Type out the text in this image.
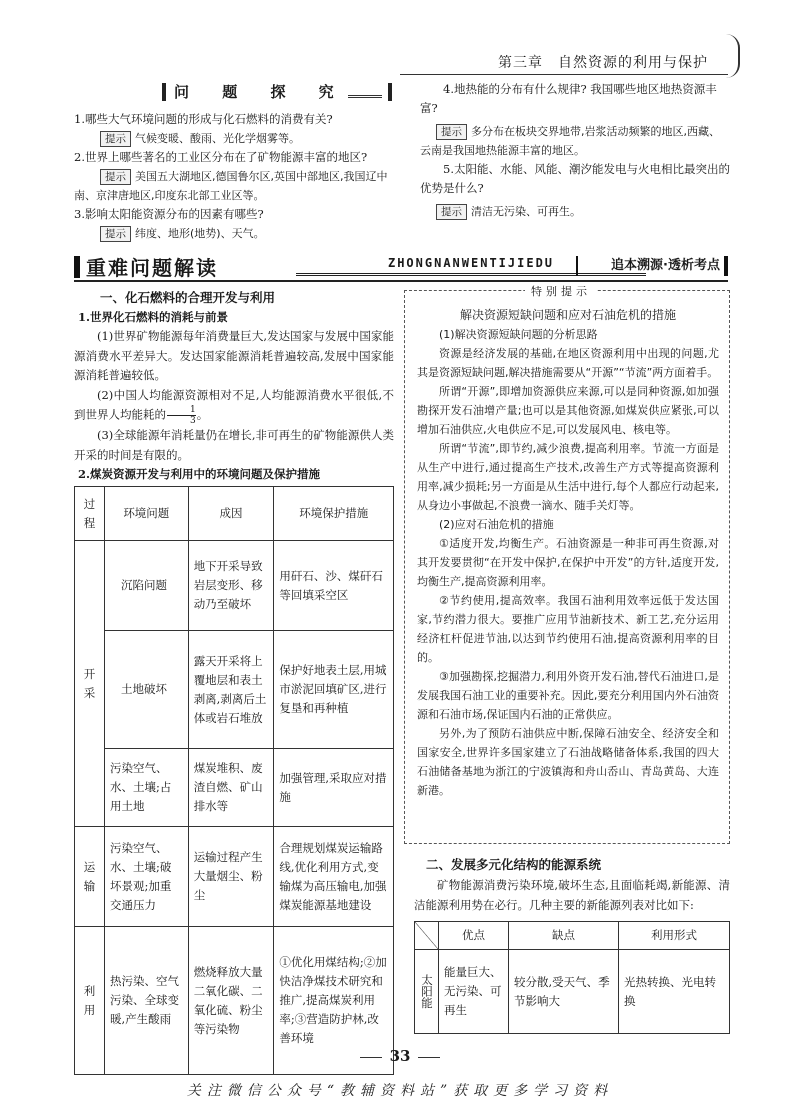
第三章　自然资源的利用与保护
问 题 探 究
1.哪些大气环境问题的形成与化石燃料的消费有关?
提示 气候变暖、酸雨、光化学烟雾等。
2.世界上哪些著名的工业区分布在了矿物能源丰富的地区?
提示 美国五大湖地区,德国鲁尔区,英国中部地区,我国辽中南、京津唐地区,印度东北部工业区等。
3.影响太阳能资源分布的因素有哪些?
提示 纬度、地形(地势)、天气。
4.地热能的分布有什么规律? 我国哪些地区地热资源丰富?
提示 多分布在板块交界地带,岩浆活动频繁的地区,西藏、云南是我国地热能源丰富的地区。
5.太阳能、水能、风能、潮汐能发电与火电相比最突出的优势是什么?
提示 清洁无污染、可再生。
重难问题解读	ZHONGNANWENTIJIEDU	追本溯源·透析考点
一、化石燃料的合理开发与利用
1.世界化石燃料的消耗与前景
(1)世界矿物能源每年消费量巨大,发达国家与发展中国家能源消费水平差异大。发达国家能源消耗普遍较高,发展中国家能源消耗普遍较低。
(2)中国人均能源资源相对不足,人均能源消费水平很低,不到世界人均能耗的 $\frac{1}{3}$ 。
(3)全球能源年消耗量仍在增长,非可再生的矿物能源供人类开采的时间是有限的。
2.煤炭资源开发与利用中的环境问题及保护措施
过程	环境问题	成因	环境保护措施
开采	沉陷问题	地下开采导致岩层变形、移动乃至破坏	用矸石、沙、煤矸石等回填采空区
	土地破坏	露天开采将上覆地层和表土剥离,剥离后土体或岩石堆放	保护好地表土层,用城市淤泥回填矿区,进行复垦和再种植
	污染空气、水、土壤;占用土地	煤炭堆积、废渣自燃、矿山排水等	加强管理,采取应对措施
运输	污染空气、水、土壤;破坏景观;加重交通压力	运输过程产生大量烟尘、粉尘	合理规划煤炭运输路线,优化利用方式,变输煤为高压输电,加强煤炭能源基地建设
利用	热污染、空气污染、全球变暖,产生酸雨	燃烧释放大量二氧化碳、二氧化硫、粉尘等污染物	①优化用煤结构;②加快洁净煤技术研究和推广,提高煤炭利用率;③营造防护林,改善环境
特别提示
解决资源短缺问题和应对石油危机的措施
(1)解决资源短缺问题的分析思路
资源是经济发展的基础,在地区资源利用中出现的问题,尤其是资源短缺问题,解决措施需要从“开源”“节流”两方面着手。
所谓“开源”,即增加资源供应来源,可以是同种资源,如加强勘探开发石油增产量;也可以是其他资源,如煤炭供应紧张,可以增加石油供应,火电供应不足,可以发展风电、核电等。
所谓“节流”,即节约,减少浪费,提高利用率。节流一方面是从生产中进行,通过提高生产技术,改善生产方式等提高资源利用率,减少损耗;另一方面是从生活中进行,每个人都应行动起来,从身边小事做起,不浪费一滴水、随手关灯等。
(2)应对石油危机的措施
①适度开发,均衡生产。石油资源是一种非可再生资源,对其开发要贯彻“在开发中保护,在保护中开发”的方针,适度开发,均衡生产,提高资源利用率。
②节约使用,提高效率。我国石油利用效率远低于发达国家,节约潜力很大。要推广应用节油新技术、新工艺,充分运用经济杠杆促进节油,以达到节约使用石油,提高资源利用率的目的。
③加强勘探,挖掘潜力,利用外资开发石油,替代石油进口,是发展我国石油工业的重要补充。因此,要充分利用国内外石油资源和石油市场,保证国内石油的正常供应。
另外,为了预防石油供应中断,保障石油安全、经济安全和国家安全,世界许多国家建立了石油战略储备体系,我国的四大石油储备基地为浙江的宁波镇海和舟山岙山、青岛黄岛、大连新港。
二、发展多元化结构的能源系统
矿物能源消费污染环境,破坏生态,且面临耗竭,新能源、清洁能源利用势在必行。几种主要的新能源列表对比如下:
	优点	缺点	利用形式
太阳能	能量巨大、无污染、可再生	较分散,受天气、季节影响大	光热转换、光电转换
33
关注微信公众号“教辅资料站”获取更多学习资料
